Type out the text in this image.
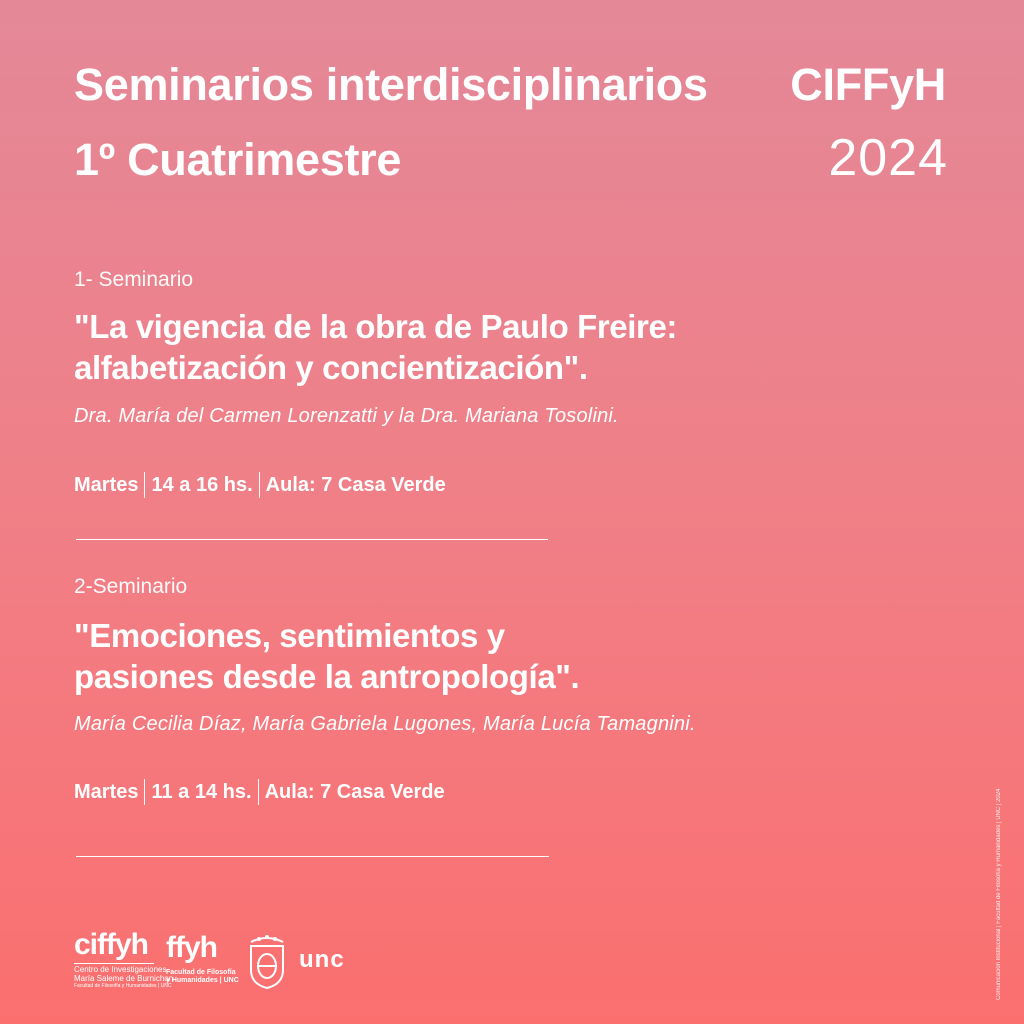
Seminarios interdisciplinarios CIFFyH
1º Cuatrimestre	2024
1- Seminario
"La vigencia de la obra de Paulo Freire:
alfabetización y concientización".
Dra. María del Carmen Lorenzatti y la Dra. Mariana Tosolini.
Martes 14 a 16 hs. Aula: 7 Casa Verde
2-Seminario
"Emociones, sentimientos y
pasiones desde la antropología".
María Cecilia Díaz, María Gabriela Lugones, María Lucía Tamagnini.
Martes 11 a 14 hs. Aula: 7 Casa Verde
ciffyh
Centro de Investigaciones
María Saleme de Burnichon
Facultad de Filosofía y Humanidades | UNC
ffyh
Facultad de Filosofía
y Humanidades | UNC
unc	Comunicación Institucional | Facultad de Filosofía y Humanidades | UNC | 2024
